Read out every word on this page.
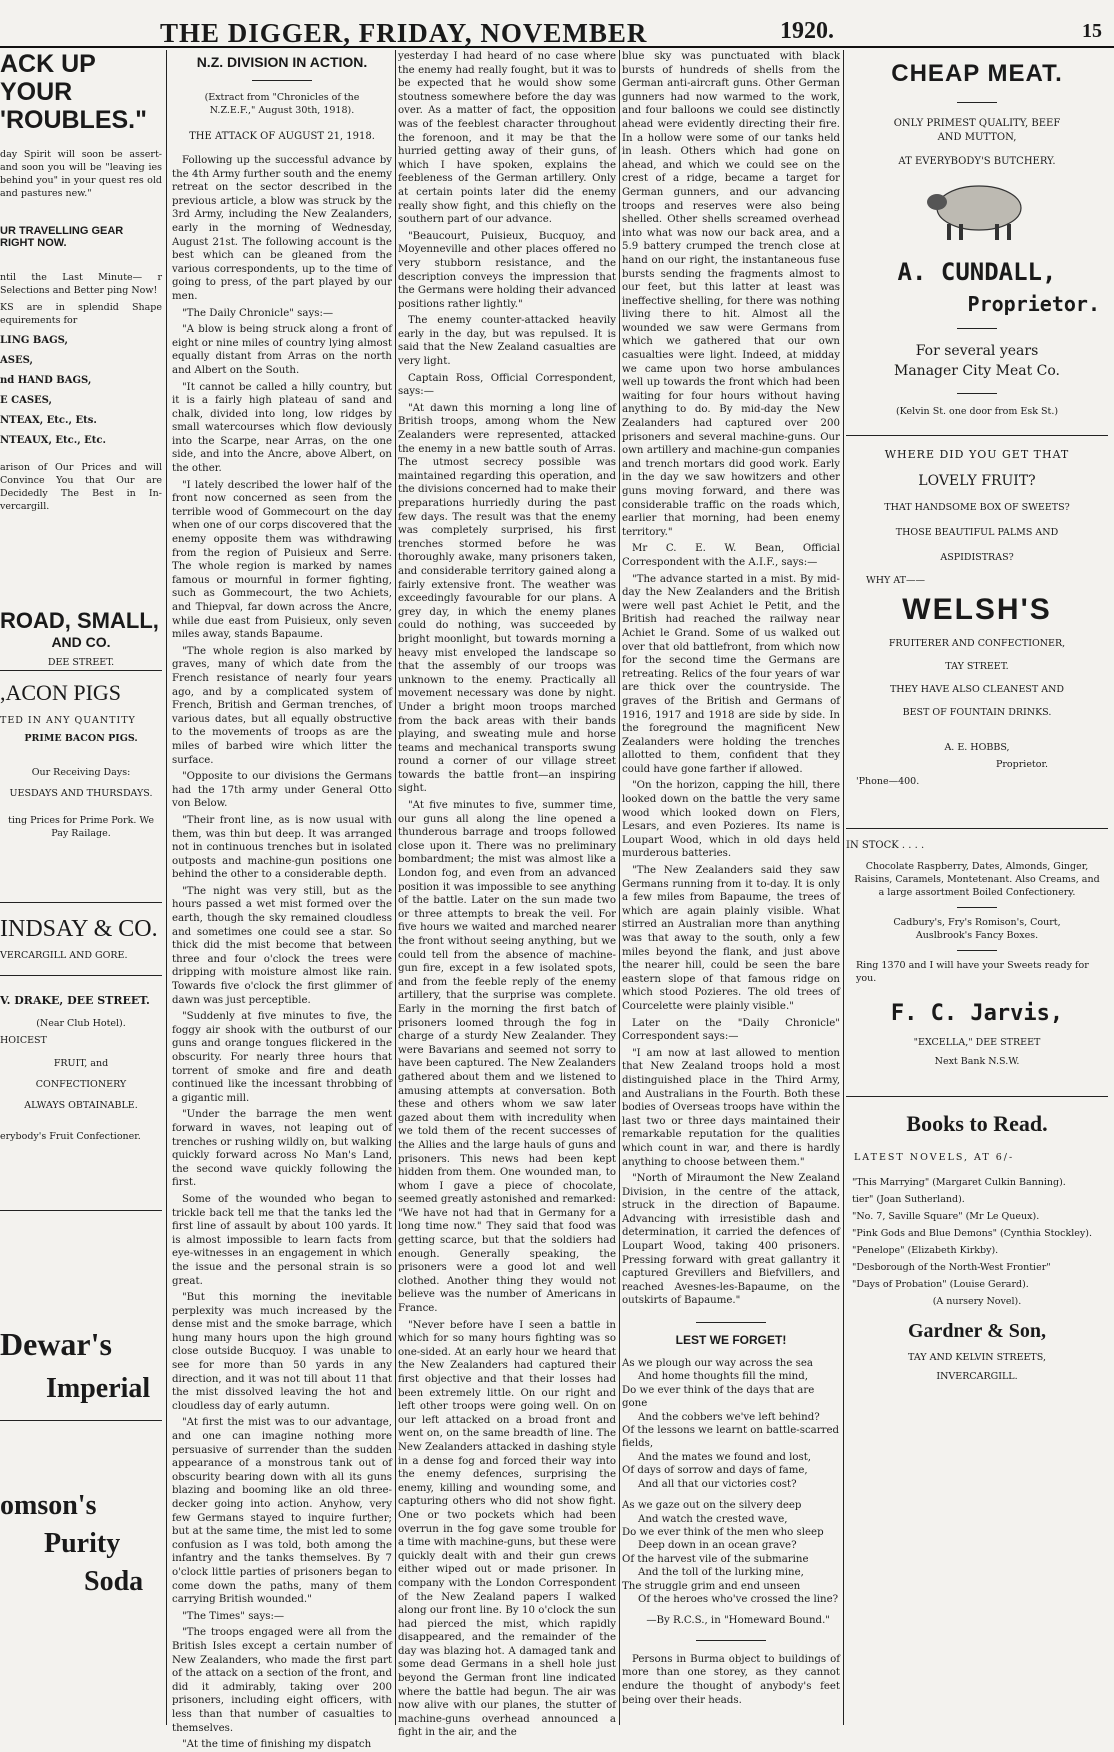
THE DIGGER, FRIDAY, NOVEMBER	1920.	15
ACK UP YOUR
'ROUBLES."
day Spirit will soon be assert- and soon you will be "leaving ies behind you" in your quest res old and pastures new."
UR TRAVELLING GEAR
RIGHT NOW.
ntil the Last Minute— r Selections and Better ping Now!
KS are in splendid Shape equirements for
LING BAGS,
ASES,
nd HAND BAGS,
E CASES,
NTEAX, Etc., Ets.
NTEAUX, Etc., Etc.
arison of Our Prices and will Convince You that Our are Decidedly The Best in In- vercargill.
ROAD, SMALL,
AND CO.
DEE STREET.
,ACON PIGS
TED IN ANY QUANTITY
PRIME BACON PIGS.
Our Receiving Days:
UESDAYS AND THURSDAYS.
ting Prices for Prime Pork. We Pay Railage.
INDSAY & CO.
VERCARGILL AND GORE.
V. DRAKE, DEE STREET.
(Near Club Hotel).
HOICEST
FRUIT, and
CONFECTIONERY
ALWAYS OBTAINABLE.
erybody's Fruit Confectioner.
Dewar's
Imperial
omson's
Purity
Soda
N.Z. DIVISION IN ACTION.
(Extract from "Chronicles of the N.Z.E.F.," August 30th, 1918).
THE ATTACK OF AUGUST 21, 1918.

Following up the successful advance by the 4th Army further south and the enemy retreat on the sector described in the previous article, a blow was struck by the 3rd Army, including the New Zealanders, early in the morning of Wednesday, August 21st. The following account is the best which can be gleaned from the various correspondents, up to the time of going to press, of the part played by our men.

"The Daily Chronicle" says:—

"A blow is being struck along a front of eight or nine miles of country lying almost equally distant from Arras on the north and Albert on the South.

"It cannot be called a hilly country, but it is a fairly high plateau of sand and chalk, divided into long, low ridges by small watercourses which flow deviously into the Scarpe, near Arras, on the one side, and into the Ancre, above Albert, on the other.

"I lately described the lower half of the front now concerned as seen from the terrible wood of Gommecourt on the day when one of our corps discovered that the enemy opposite them was withdrawing from the region of Puisieux and Serre. The whole region is marked by names famous or mournful in former fighting, such as Gommecourt, the two Achiets, and Thiepval, far down across the Ancre, while due east from Puisieux, only seven miles away, stands Bapaume.

"The whole region is also marked by graves, many of which date from the French resistance of nearly four years ago, and by a complicated system of French, British and German trenches, of various dates, but all equally obstructive to the movements of troops as are the miles of barbed wire which litter the surface.

"Opposite to our divisions the Germans had the 17th army under General Otto von Below.

"Their front line, as is now usual with them, was thin but deep. It was arranged not in continuous trenches but in isolated outposts and machine-gun positions one behind the other to a considerable depth.

"The night was very still, but as the hours passed a wet mist formed over the earth, though the sky remained cloudless and sometimes one could see a star. So thick did the mist become that between three and four o'clock the trees were dripping with moisture almost like rain. Towards five o'clock the first glimmer of dawn was just perceptible.

"Suddenly at five minutes to five, the foggy air shook with the outburst of our guns and orange tongues flickered in the obscurity. For nearly three hours that torrent of smoke and fire and death continued like the incessant throbbing of a gigantic mill.

"Under the barrage the men went forward in waves, not leaping out of trenches or rushing wildly on, but walking quickly forward across No Man's Land, the second wave quickly following the first.

Some of the wounded who began to trickle back tell me that the tanks led the first line of assault by about 100 yards. It is almost impossible to learn facts from eye-witnesses in an engagement in which the issue and the personal strain is so great.

"But this morning the inevitable perplexity was much increased by the dense mist and the smoke barrage, which hung many hours upon the high ground close outside Bucquoy. I was unable to see for more than 50 yards in any direction, and it was not till about 11 that the mist dissolved leaving the hot and cloudless day of early autumn.

"At first the mist was to our advantage, and one can imagine nothing more persuasive of surrender than the sudden appearance of a monstrous tank out of obscurity bearing down with all its guns blazing and booming like an old three-decker going into action. Anyhow, very few Germans stayed to inquire further; but at the same time, the mist led to some confusion as I was told, both among the infantry and the tanks themselves. By 7 o'clock little parties of prisoners began to come down the paths, many of them carrying British wounded."

"The Times" says:—

"The troops engaged were all from the British Isles except a certain number of New Zealanders, who made the first part of the attack on a section of the front, and did it admirably, taking over 200 prisoners, including eight officers, with less than that number of casualties to themselves.

"At the time of finishing my dispatch

yesterday I had heard of no case where the enemy had really fought, but it was to be expected that he would show some stoutness somewhere before the day was over. As a matter of fact, the opposition was of the feeblest character throughout the forenoon, and it may be that the hurried getting away of their guns, of which I have spoken, explains the feebleness of the German artillery. Only at certain points later did the enemy really show fight, and this chiefly on the southern part of our advance.

"Beaucourt, Puisieux, Bucquoy, and Moyenneville and other places offered no very stubborn resistance, and the description conveys the impression that the Germans were holding their advanced positions rather lightly."

The enemy counter-attacked heavily early in the day, but was repulsed. It is said that the New Zealand casualties are very light.

Captain Ross, Official Correspondent, says:—

"At dawn this morning a long line of British troops, among whom the New Zealanders were represented, attacked the enemy in a new battle south of Arras. The utmost secrecy possible was maintained regarding this operation, and the divisions concerned had to make their preparations hurriedly during the past few days. The result was that the enemy was completely surprised, his first trenches stormed before he was thoroughly awake, many prisoners taken, and considerable territory gained along a fairly extensive front. The weather was exceedingly favourable for our plans. A grey day, in which the enemy planes could do nothing, was succeeded by bright moonlight, but towards morning a heavy mist enveloped the landscape so that the assembly of our troops was unknown to the enemy. Practically all movement necessary was done by night. Under a bright moon troops marched from the back areas with their bands playing, and sweating mule and horse teams and mechanical transports swung round a corner of our village street towards the battle front—an inspiring sight.

"At five minutes to five, summer time, our guns all along the line opened a thunderous barrage and troops followed close upon it. There was no preliminary bombardment; the mist was almost like a London fog, and even from an advanced position it was impossible to see anything of the battle. Later on the sun made two or three attempts to break the veil. For five hours we waited and marched nearer the front without seeing anything, but we could tell from the absence of machine-gun fire, except in a few isolated spots, and from the feeble reply of the enemy artillery, that the surprise was complete. Early in the morning the first batch of prisoners loomed through the fog in charge of a sturdy New Zealander. They were Bavarians and seemed not sorry to have been captured. The New Zealanders gathered about them and we listened to amusing attempts at conversation. Both these and others whom we saw later gazed about them with incredulity when we told them of the recent successes of the Allies and the large hauls of guns and prisoners. This news had been kept hidden from them. One wounded man, to whom I gave a piece of chocolate, seemed greatly astonished and remarked: "We have not had that in Germany for a long time now." They said that food was getting scarce, but that the soldiers had enough. Generally speaking, the prisoners were a good lot and well clothed. Another thing they would not believe was the number of Americans in France.

"Never before have I seen a battle in which for so many hours fighting was so one-sided. At an early hour we heard that the New Zealanders had captured their first objective and that their losses had been extremely little. On our right and left other troops were going well. On on our left attacked on a broad front and went on, on the same breadth of line. The New Zealanders attacked in dashing style in a dense fog and forced their way into the enemy defences, surprising the enemy, killing and wounding some, and capturing others who did not show fight. One or two pockets which had been overrun in the fog gave some trouble for a time with machine-guns, but these were quickly dealt with and their gun crews either wiped out or made prisoner. In company with the London Correspondent of the New Zealand papers I walked along our front line. By 10 o'clock the sun had pierced the mist, which rapidly disappeared, and the remainder of the day was blazing hot. A damaged tank and some dead Germans in a shell hole just beyond the German front line indicated where the battle had begun. The air was now alive with our planes, the stutter of machine-guns overhead announced a fight in the air, and the

blue sky was punctuated with black bursts of hundreds of shells from the German anti-aircraft guns. Other German gunners had now warmed to the work, and four balloons we could see distinctly ahead were evidently directing their fire. In a hollow were some of our tanks held in leash. Others which had gone on ahead, and which we could see on the crest of a ridge, became a target for German gunners, and our advancing troops and reserves were also being shelled. Other shells screamed overhead into what was now our back area, and a 5.9 battery crumped the trench close at hand on our right, the instantaneous fuse bursts sending the fragments almost to our feet, but this latter at least was ineffective shelling, for there was nothing living there to hit. Almost all the wounded we saw were Germans from which we gathered that our own casualties were light. Indeed, at midday we came upon two horse ambulances well up towards the front which had been waiting for four hours without having anything to do. By mid-day the New Zealanders had captured over 200 prisoners and several machine-guns. Our own artillery and machine-gun companies and trench mortars did good work. Early in the day we saw howitzers and other guns moving forward, and there was considerable traffic on the roads which, earlier that morning, had been enemy territory."

Mr C. E. W. Bean, Official Correspondent with the A.I.F., says:—

"The advance started in a mist. By mid-day the New Zealanders and the British were well past Achiet le Petit, and the British had reached the railway near Achiet le Grand. Some of us walked out over that old battlefront, from which now for the second time the Germans are retreating. Relics of the four years of war are thick over the countryside. The graves of the British and Germans of 1916, 1917 and 1918 are side by side. In the foreground the magnificent New Zealanders were holding the trenches allotted to them, confident that they could have gone farther if allowed.

"On the horizon, capping the hill, there looked down on the battle the very same wood which looked down on Flers, Lesars, and even Pozieres. Its name is Loupart Wood, which in old days held murderous batteries.

"The New Zealanders said they saw Germans running from it to-day. It is only a few miles from Bapaume, the trees of which are again plainly visible. What stirred an Australian more than anything was that away to the south, only a few miles beyond the flank, and just above the nearer hill, could be seen the bare eastern slope of that famous ridge on which stood Pozieres. The old trees of Courcelette were plainly visible."

Later on the "Daily Chronicle" Correspondent says:—

"I am now at last allowed to mention that New Zealand troops hold a most distinguished place in the Third Army, and Australians in the Fourth. Both these bodies of Overseas troops have within the last two or three days maintained their remarkable reputation for the qualities which count in war, and there is hardly anything to choose between them."

"North of Miraumont the New Zealand Division, in the centre of the attack, struck in the direction of Bapaume. Advancing with irresistible dash and determination, it carried the defences of Loupart Wood, taking 400 prisoners. Pressing forward with great gallantry it captured Grevillers and Biefvillers, and reached Avesnes-les-Bapaume, on the outskirts of Bapaume."

LEST WE FORGET!
As we plough our way across the sea
And home thoughts fill the mind,
Do we ever think of the days that are gone
And the cobbers we've left behind?
Of the lessons we learnt on battle-scarred fields,
And the mates we found and lost,
Of days of sorrow and days of fame,
And all that our victories cost?
As we gaze out on the silvery deep
And watch the crested wave,
Do we ever think of the men who sleep
Deep down in an ocean grave?
Of the harvest vile of the submarine
And the toll of the lurking mine,
The struggle grim and end unseen
Of the heroes who've crossed the line?
—By R.C.S., in "Homeward Bound."

Persons in Burma object to buildings of more than one storey, as they cannot endure the thought of anybody's feet being over their heads.

CHEAP MEAT.
ONLY PRIMEST QUALITY, BEEF AND MUTTON,
AT EVERYBODY'S BUTCHERY.
A. CUNDALL,
Proprietor.
For several years Manager City Meat Co.
(Kelvin St. one door from Esk St.)
WHERE DID YOU GET THAT
LOVELY FRUIT?
THAT HANDSOME BOX OF SWEETS?
THOSE BEAUTIFUL PALMS AND
ASPIDISTRAS?
WHY AT——
WELSH'S
FRUITERER AND CONFECTIONER,
TAY STREET.
THEY HAVE ALSO CLEANEST AND
BEST OF FOUNTAIN DRINKS.
A. E. HOBBS,
Proprietor.
'Phone—400.
IN STOCK . . . .
Chocolate Raspberry, Dates, Almonds, Ginger, Raisins, Caramels, Montetenant. Also Creams, and a large assortment Boiled Confectionery.
Cadbury's, Fry's Romison's, Court, Auslbrook's Fancy Boxes.
Ring 1370 and I will have your Sweets ready for you.
F. C. Jarvis,
"EXCELLA," DEE STREET
Next Bank N.S.W.
Books to Read.
LATEST NOVELS, AT 6/-
"This Marrying" (Margaret Culkin Banning).
tier" (Joan Sutherland).
"No. 7, Saville Square" (Mr Le Queux).
"Pink Gods and Blue Demons" (Cynthia Stockley).
"Penelope" (Elizabeth Kirkby).
"Desborough of the North-West Frontier"
"Days of Probation" (Louise Gerard).
(A nursery Novel).
Gardner & Son,
TAY AND KELVIN STREETS,
INVERCARGILL.
